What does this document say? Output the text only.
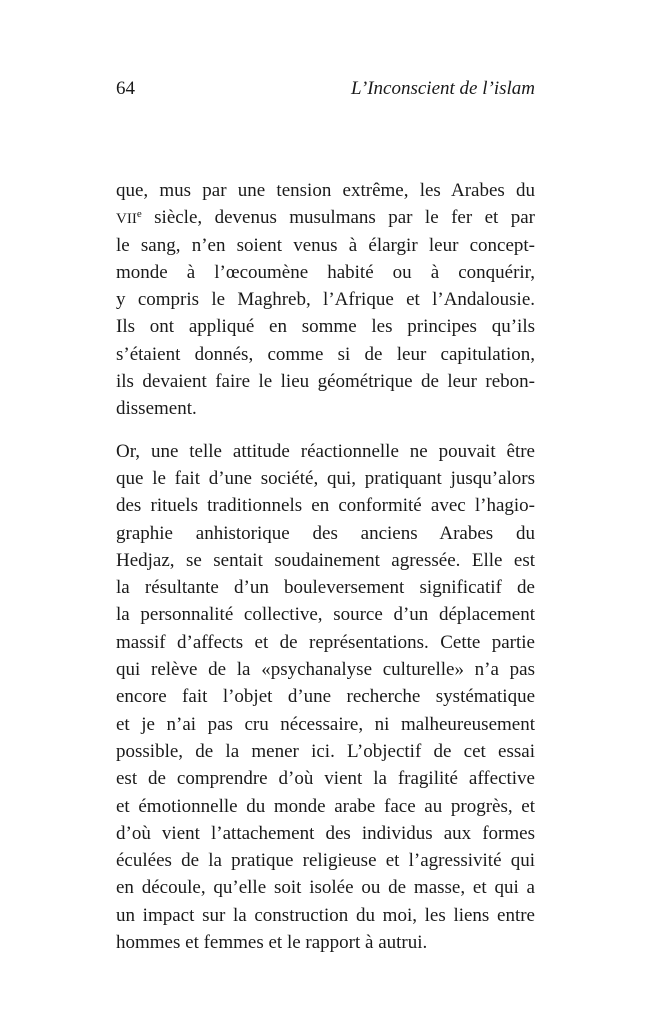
64	L’Inconscient de l’islam
que, mus par une tension extrême, les Arabes du
VIIe siècle, devenus musulmans par le fer et par
le sang, n’en soient venus à élargir leur concept-
monde à l’œcoumène habité ou à conquérir,
y compris le Maghreb, l’Afrique et l’Andalousie.
Ils ont appliqué en somme les principes qu’ils
s’étaient donnés, comme si de leur capitulation,
ils devaient faire le lieu géométrique de leur rebon-
dissement.
Or, une telle attitude réactionnelle ne pouvait être
que le fait d’une société, qui, pratiquant jusqu’alors
des rituels traditionnels en conformité avec l’hagio-
graphie anhistorique des anciens Arabes du
Hedjaz, se sentait soudainement agressée. Elle est
la résultante d’un bouleversement significatif de
la personnalité collective, source d’un déplacement
massif d’affects et de représentations. Cette partie
qui relève de la «psychanalyse culturelle» n’a pas
encore fait l’objet d’une recherche systématique
et je n’ai pas cru nécessaire, ni malheureusement
possible, de la mener ici. L’objectif de cet essai
est de comprendre d’où vient la fragilité affective
et émotionnelle du monde arabe face au progrès, et
d’où vient l’attachement des individus aux formes
éculées de la pratique religieuse et l’agressivité qui
en découle, qu’elle soit isolée ou de masse, et qui a
un impact sur la construction du moi, les liens entre
hommes et femmes et le rapport à autrui.
